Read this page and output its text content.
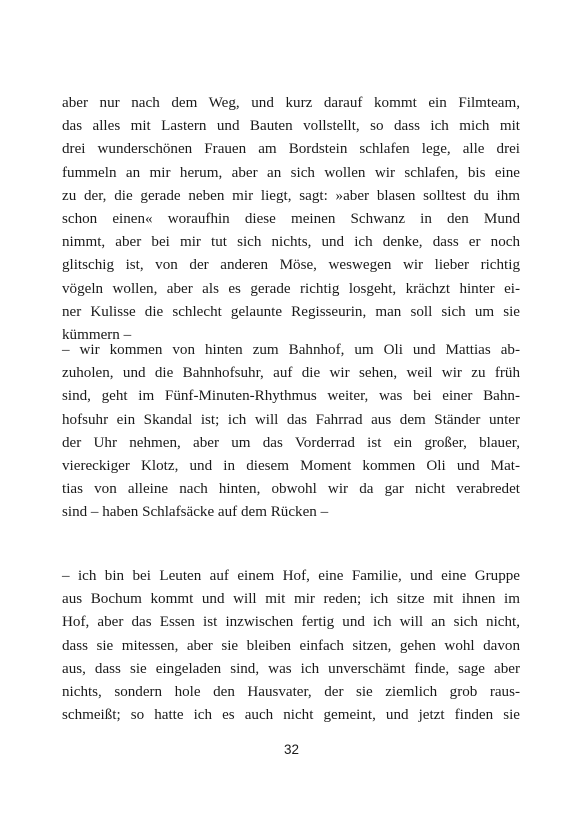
aber nur nach dem Weg, und kurz darauf kommt ein Filmteam,
das alles mit Lastern und Bauten vollstellt, so dass ich mich mit
drei wunderschönen Frauen am Bordstein schlafen lege, alle drei
fummeln an mir herum, aber an sich wollen wir schlafen, bis eine
zu der, die gerade neben mir liegt, sagt: »aber blasen solltest du ihm
schon einen« woraufhin diese meinen Schwanz in den Mund
nimmt, aber bei mir tut sich nichts, und ich denke, dass er noch
glitschig ist, von der anderen Möse, weswegen wir lieber richtig
vögeln wollen, aber als es gerade richtig losgeht, krächzt hinter ei-
ner Kulisse die schlecht gelaunte Regisseurin, man soll sich um sie
kümmern –
– wir kommen von hinten zum Bahnhof, um Oli und Mattias ab-
zuholen, und die Bahnhofsuhr, auf die wir sehen, weil wir zu früh
sind, geht im Fünf-Minuten-Rhythmus weiter, was bei einer Bahn-
hofsuhr ein Skandal ist; ich will das Fahrrad aus dem Ständer unter
der Uhr nehmen, aber um das Vorderrad ist ein großer, blauer,
viereckiger Klotz, und in diesem Moment kommen Oli und Mat-
tias von alleine nach hinten, obwohl wir da gar nicht verabredet
sind – haben Schlafsäcke auf dem Rücken –
– ich bin bei Leuten auf einem Hof, eine Familie, und eine Gruppe
aus Bochum kommt und will mit mir reden; ich sitze mit ihnen im
Hof, aber das Essen ist inzwischen fertig und ich will an sich nicht,
dass sie mitessen, aber sie bleiben einfach sitzen, gehen wohl davon
aus, dass sie eingeladen sind, was ich unverschämt finde, sage aber
nichts, sondern hole den Hausvater, der sie ziemlich grob raus-
schmeißt; so hatte ich es auch nicht gemeint, und jetzt finden sie
32
